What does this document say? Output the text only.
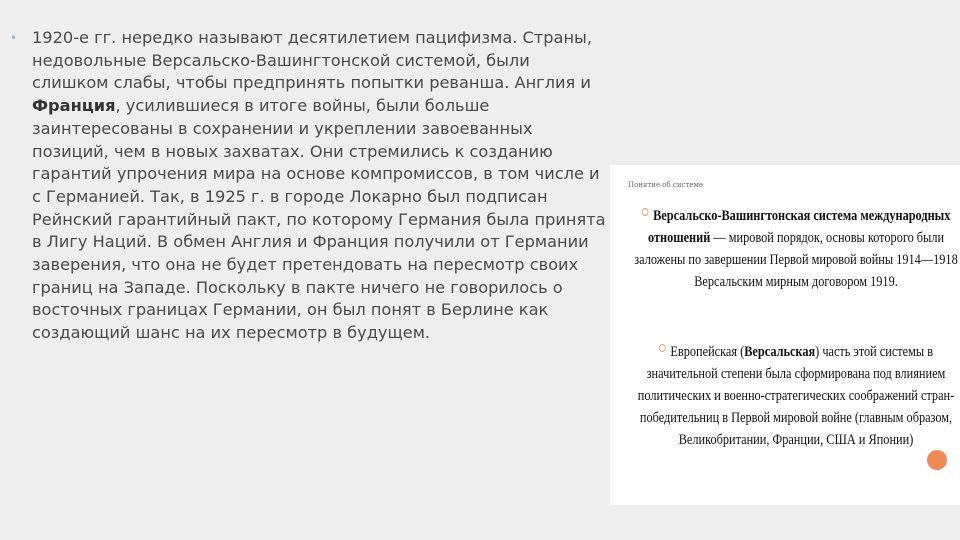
• 1920-е гг. нередко называют десятилетием пацифизма. Страны, недовольные Версальско-Вашингтонской системой, были слишком слабы, чтобы предпринять попытки реванша. Англия и Франция, усилившиеся в итоге войны, были больше заинтересованы в сохранении и укреплении завоеванных позиций, чем в новых захватах. Они стремились к созданию гарантий упрочения мира на основе компромиссов, в том числе и с Германией. Так, в 1925 г. в городе Локарно был подписан Рейнский гарантийный пакт, по которому Германия была принята в Лигу Наций. В обмен Англия и Франция получили от Германии заверения, что она не будет претендовать на пересмотр своих границ на Западе. Поскольку в пакте ничего не говорилось о восточных границах Германии, он был понят в Берлине как создающий шанс на их пересмотр в будущем.

Понятие об системе
Версальско-Вашингтонская система международных отношений — мировой порядок, основы которого были заложены по завершении Первой мировой войны 1914—1918 Версальским мирным договором 1919.
Европейская (Версальская) часть этой системы в значительной степени была сформирована под влиянием политических и военно-стратегических соображений стран-победительниц в Первой мировой войне (главным образом, Великобритании, Франции, США и Японии)
